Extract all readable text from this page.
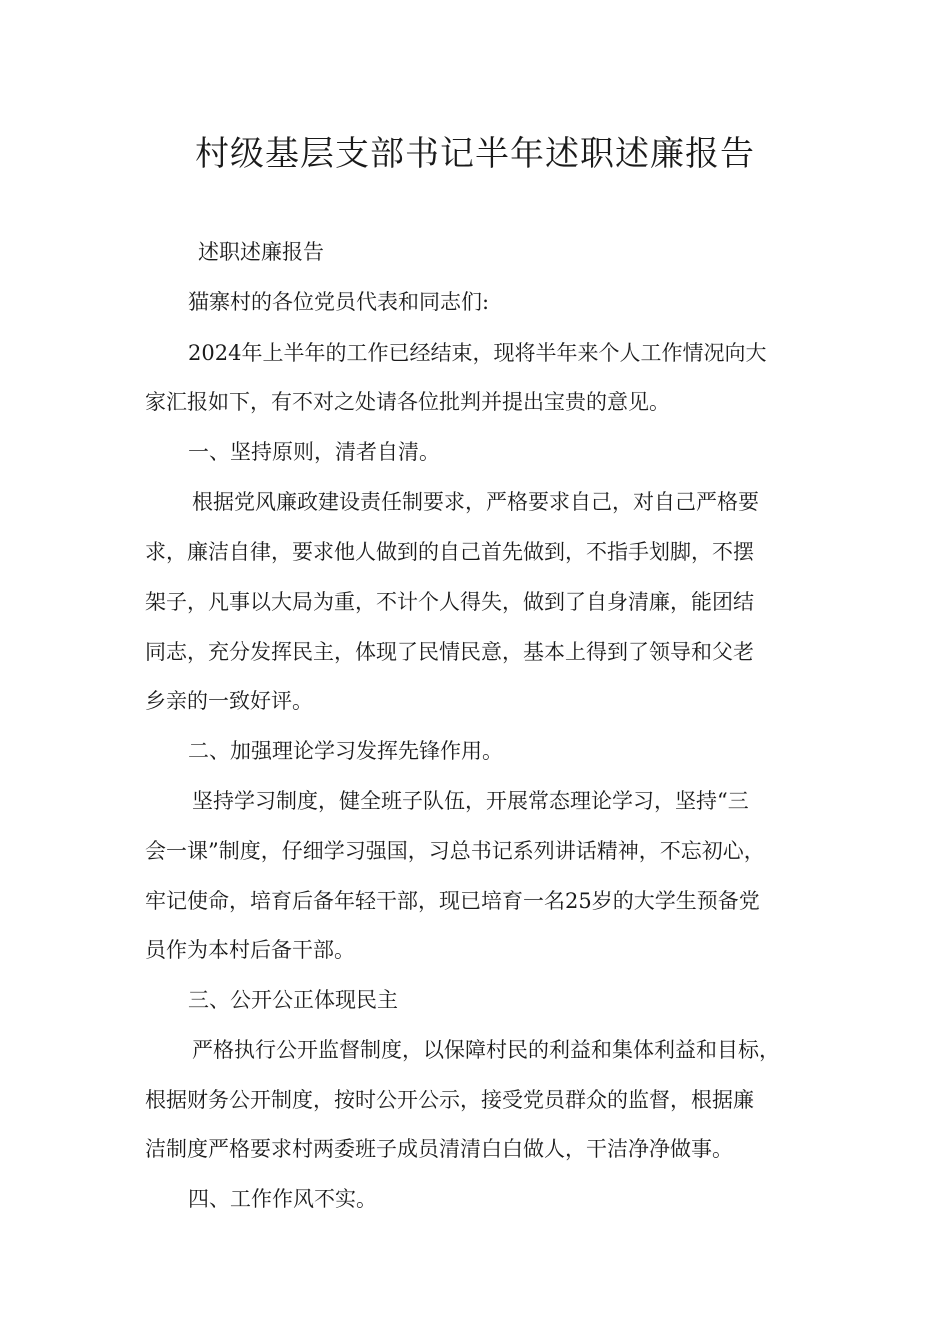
村级基层支部书记半年述职述廉报告

述职述廉报告

猫寨村的各位党员代表和同志们:

2024年上半年的工作已经结束，现将半年来个人工作情况向大

家汇报如下，有不对之处请各位批判并提出宝贵的意见。

一、坚持原则，清者自清。

根据党风廉政建设责任制要求，严格要求自己，对自己严格要

求，廉洁自律，要求他人做到的自己首先做到，不指手划脚，不摆

架子，凡事以大局为重，不计个人得失，做到了自身清廉，能团结

同志，充分发挥民主，体现了民情民意，基本上得到了领导和父老

乡亲的一致好评。

二、加强理论学习发挥先锋作用。

坚持学习制度，健全班子队伍，开展常态理论学习，坚持“三

会一课”制度，仔细学习强国，习总书记系列讲话精神，不忘初心，

牢记使命，培育后备年轻干部，现已培育一名25岁的大学生预备党

员作为本村后备干部。

三、公开公正体现民主

严格执行公开监督制度，以保障村民的利益和集体利益和目标，

根据财务公开制度，按时公开公示，接受党员群众的监督，根据廉

洁制度严格要求村两委班子成员清清白白做人，干洁净净做事。

四、工作作风不实。
